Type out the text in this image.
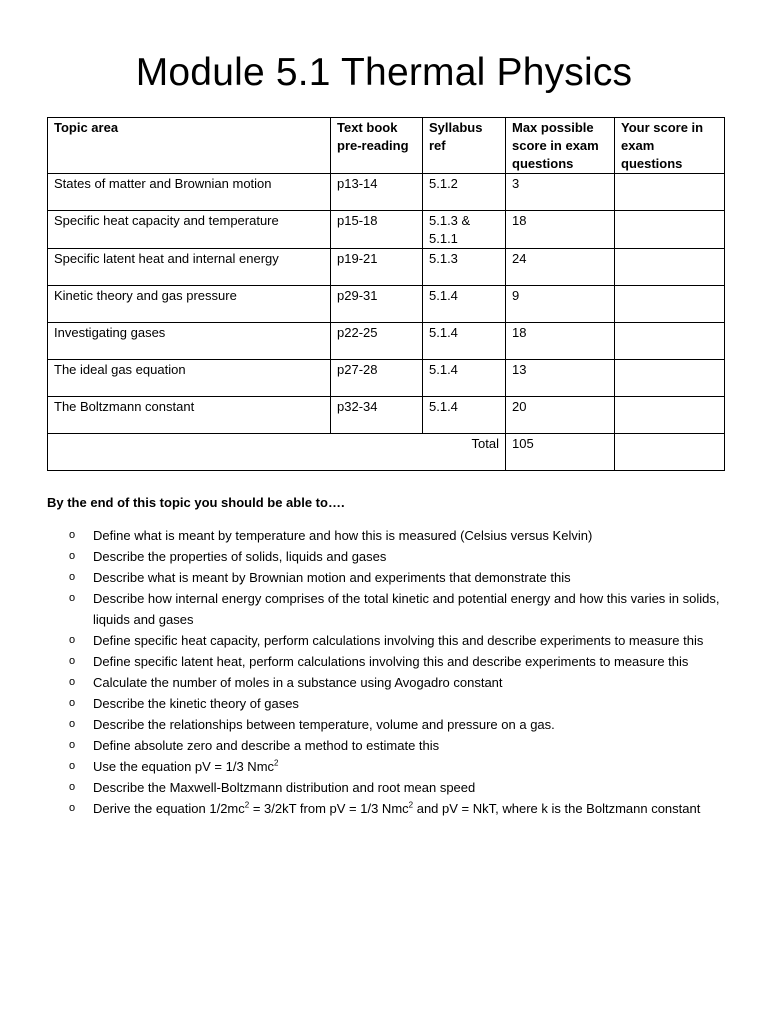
Module 5.1 Thermal Physics
Topic area	Text book pre-reading	Syllabus ref	Max possible score in exam questions	Your score in exam questions
States of matter and Brownian motion	p13-14	5.1.2	3	
Specific heat capacity and temperature	p15-18	5.1.3 & 5.1.1	18	
Specific latent heat and internal energy	p19-21	5.1.3	24	
Kinetic theory and gas pressure	p29-31	5.1.4	9	
Investigating gases	p22-25	5.1.4	18	
The ideal gas equation	p27-28	5.1.4	13	
The Boltzmann constant	p32-34	5.1.4	20	
Total			105	

By the end of this topic you should be able to….

o Define what is meant by temperature and how this is measured (Celsius versus Kelvin)
o Describe the properties of solids, liquids and gases
o Describe what is meant by Brownian motion and experiments that demonstrate this
o Describe how internal energy comprises of the total kinetic and potential energy and how this varies in solids, liquids and gases
o Define specific heat capacity, perform calculations involving this and describe experiments to measure this
o Define specific latent heat, perform calculations involving this and describe experiments to measure this
o Calculate the number of moles in a substance using Avogadro constant
o Describe the kinetic theory of gases
o Describe the relationships between temperature, volume and pressure on a gas.
o Define absolute zero and describe a method to estimate this
o Use the equation pV = 1/3 Nmc$^2$
o Describe the Maxwell-Boltzmann distribution and root mean speed
o Derive the equation $1/2mc^2 = 3/2kT$ from pV = 1/3 Nmc$^2$ and pV = NkT, where k is the Boltzmann constant
